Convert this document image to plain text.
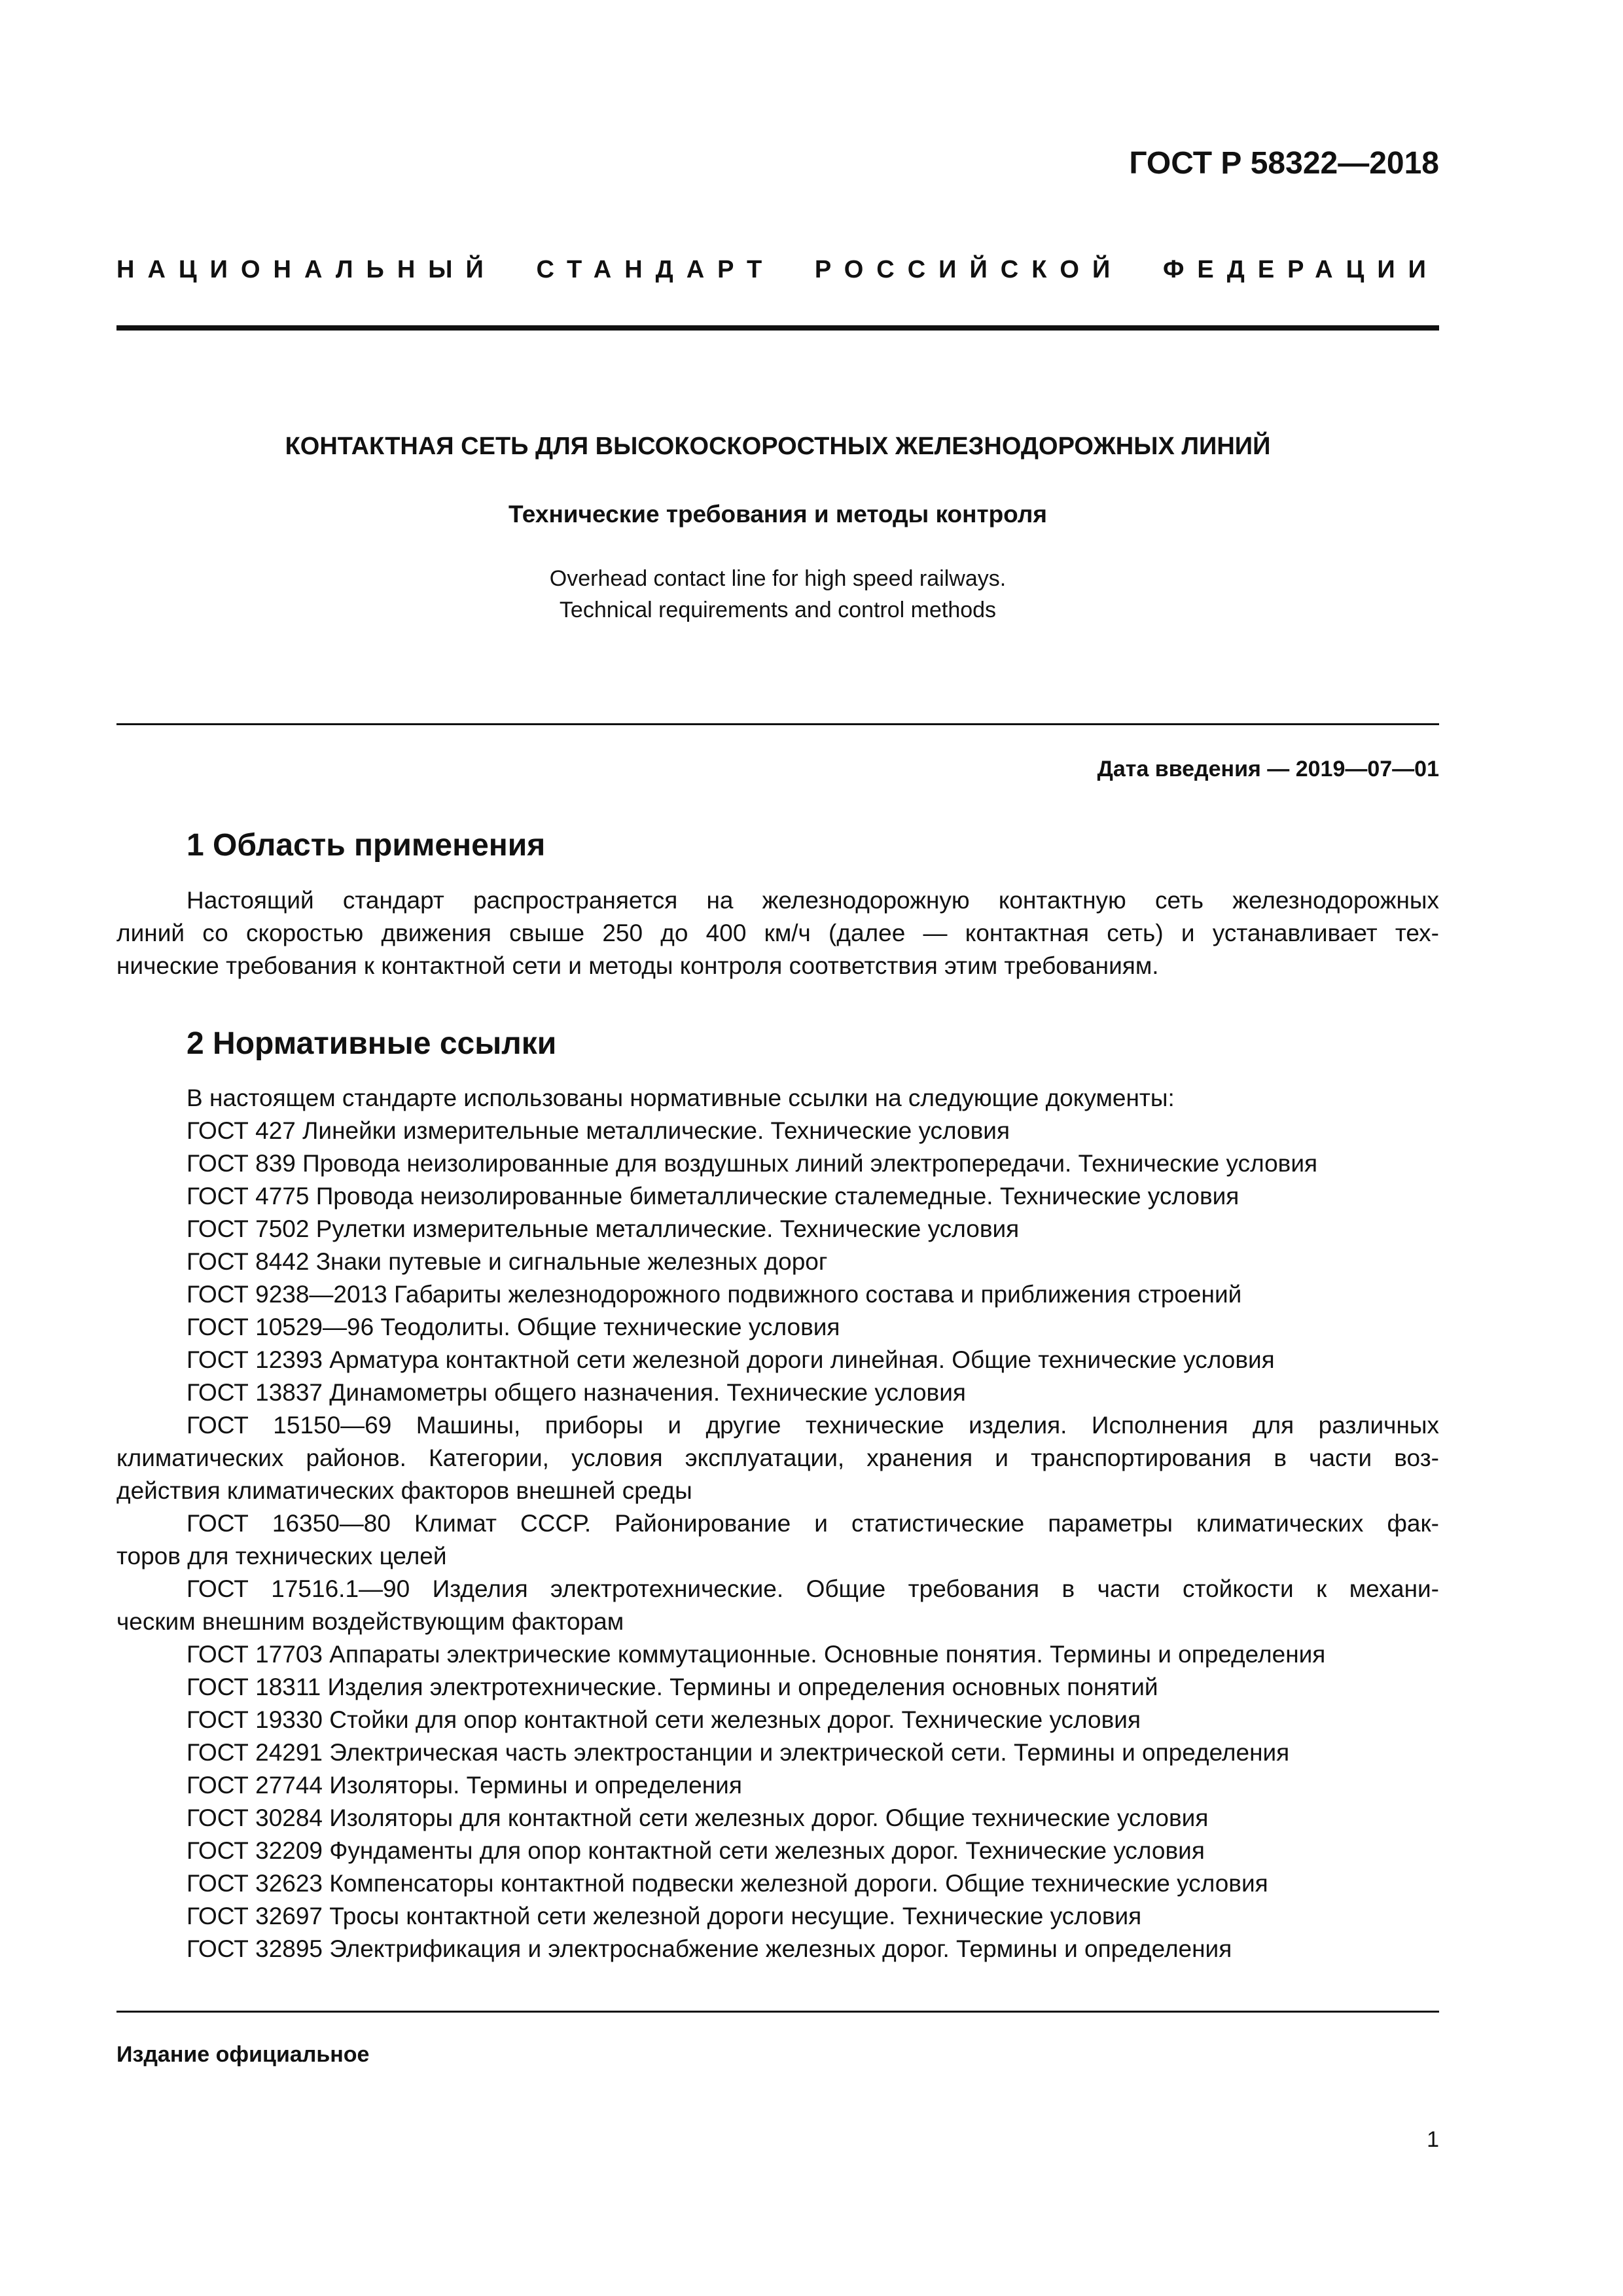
ГОСТ Р 58322—2018
НАЦИОНАЛЬНЫЙ СТАНДАРТ РОССИЙСКОЙ ФЕДЕРАЦИИ
КОНТАКТНАЯ СЕТЬ ДЛЯ ВЫСОКОСКОРОСТНЫХ ЖЕЛЕЗНОДОРОЖНЫХ ЛИНИЙ
Технические требования и методы контроля
Overhead contact line for high speed railways.
Technical requirements and control methods
Дата введения — 2019—07—01
1 Область применения
Настоящий стандарт распространяется на железнодорожную контактную сеть железнодорожных
линий со скоростью движения свыше 250 до 400 км/ч (далее — контактная сеть) и устанавливает тех-
нические требования к контактной сети и методы контроля соответствия этим требованиям.
2 Нормативные ссылки
В настоящем стандарте использованы нормативные ссылки на следующие документы:
ГОСТ 427 Линейки измерительные металлические. Технические условия
ГОСТ 839 Провода неизолированные для воздушных линий электропередачи. Технические условия
ГОСТ 4775 Провода неизолированные биметаллические сталемедные. Технические условия
ГОСТ 7502 Рулетки измерительные металлические. Технические условия
ГОСТ 8442 Знаки путевые и сигнальные железных дорог
ГОСТ 9238—2013 Габариты железнодорожного подвижного состава и приближения строений
ГОСТ 10529—96 Теодолиты. Общие технические условия
ГОСТ 12393 Арматура контактной сети железной дороги линейная. Общие технические условия
ГОСТ 13837 Динамометры общего назначения. Технические условия
ГОСТ 15150—69 Машины, приборы и другие технические изделия. Исполнения для различных
климатических районов. Категории, условия эксплуатации, хранения и транспортирования в части воз-
действия климатических факторов внешней среды
ГОСТ 16350—80 Климат СССР. Районирование и статистические параметры климатических фак-
торов для технических целей
ГОСТ 17516.1—90 Изделия электротехнические. Общие требования в части стойкости к механи-
ческим внешним воздействующим факторам
ГОСТ 17703 Аппараты электрические коммутационные. Основные понятия. Термины и определения
ГОСТ 18311 Изделия электротехнические. Термины и определения основных понятий
ГОСТ 19330 Стойки для опор контактной сети железных дорог. Технические условия
ГОСТ 24291 Электрическая часть электростанции и электрической сети. Термины и определения
ГОСТ 27744 Изоляторы. Термины и определения
ГОСТ 30284 Изоляторы для контактной сети железных дорог. Общие технические условия
ГОСТ 32209 Фундаменты для опор контактной сети железных дорог. Технические условия
ГОСТ 32623 Компенсаторы контактной подвески железной дороги. Общие технические условия
ГОСТ 32697 Тросы контактной сети железной дороги несущие. Технические условия
ГОСТ 32895 Электрификация и электроснабжение железных дорог. Термины и определения
Издание официальное
1
